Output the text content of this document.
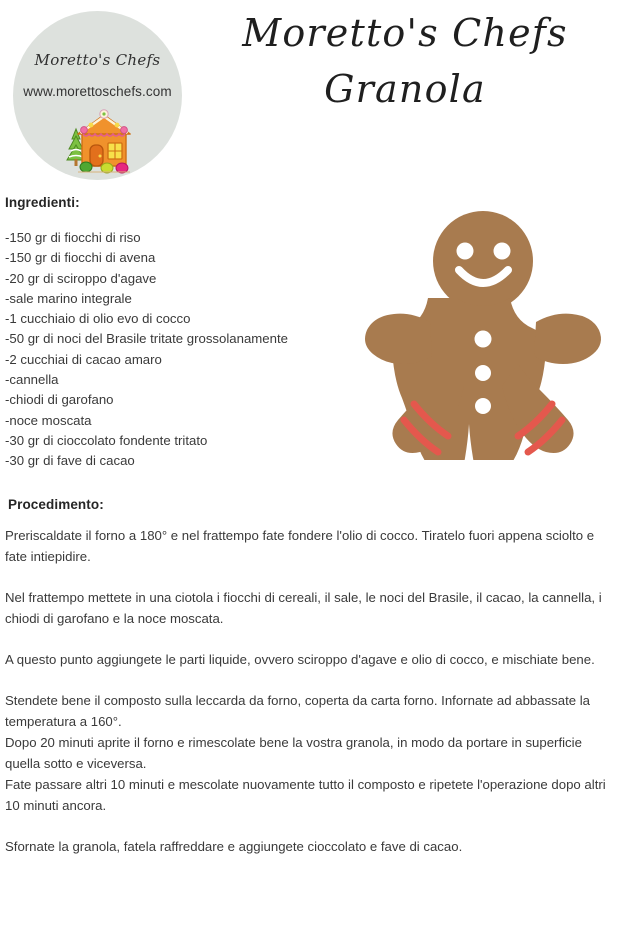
Moretto's Chefs
www.morettoschefs.com
Moretto's Chefs
Granola
Ingredienti:
-150 gr di fiocchi di riso
-150 gr di fiocchi di avena
-20 gr di sciroppo d'agave
-sale marino integrale
-1 cucchiaio di olio evo di cocco
-50 gr di noci del Brasile tritate grossolanamente
-2 cucchiai di cacao amaro
-cannella
-chiodi di garofano
-noce moscata
-30 gr di cioccolato fondente tritato
-30 gr di fave di cacao
Procedimento:

Preriscaldate il forno a 180° e nel frattempo fate fondere l'olio di cocco. Tiratelo fuori appena sciolto e fate intiepidire.

Nel frattempo mettete in una ciotola i fiocchi di cereali, il sale, le noci del Brasile, il cacao, la cannella, i chiodi di garofano e la noce moscata.

A questo punto aggiungete le parti liquide, ovvero sciroppo d'agave e olio di cocco, e mischiate bene.

Stendete bene il composto sulla leccarda da forno, coperta da carta forno. Infornate ad abbassate la temperatura a 160°.

Dopo 20 minuti aprite il forno e rimescolate bene la vostra granola, in modo da portare in superficie quella sotto e viceversa.

Fate passare altri 10 minuti e mescolate nuovamente tutto il composto e ripetete l'operazione dopo altri 10 minuti ancora.

Sfornate la granola, fatela raffreddare e aggiungete cioccolato e fave di cacao.
